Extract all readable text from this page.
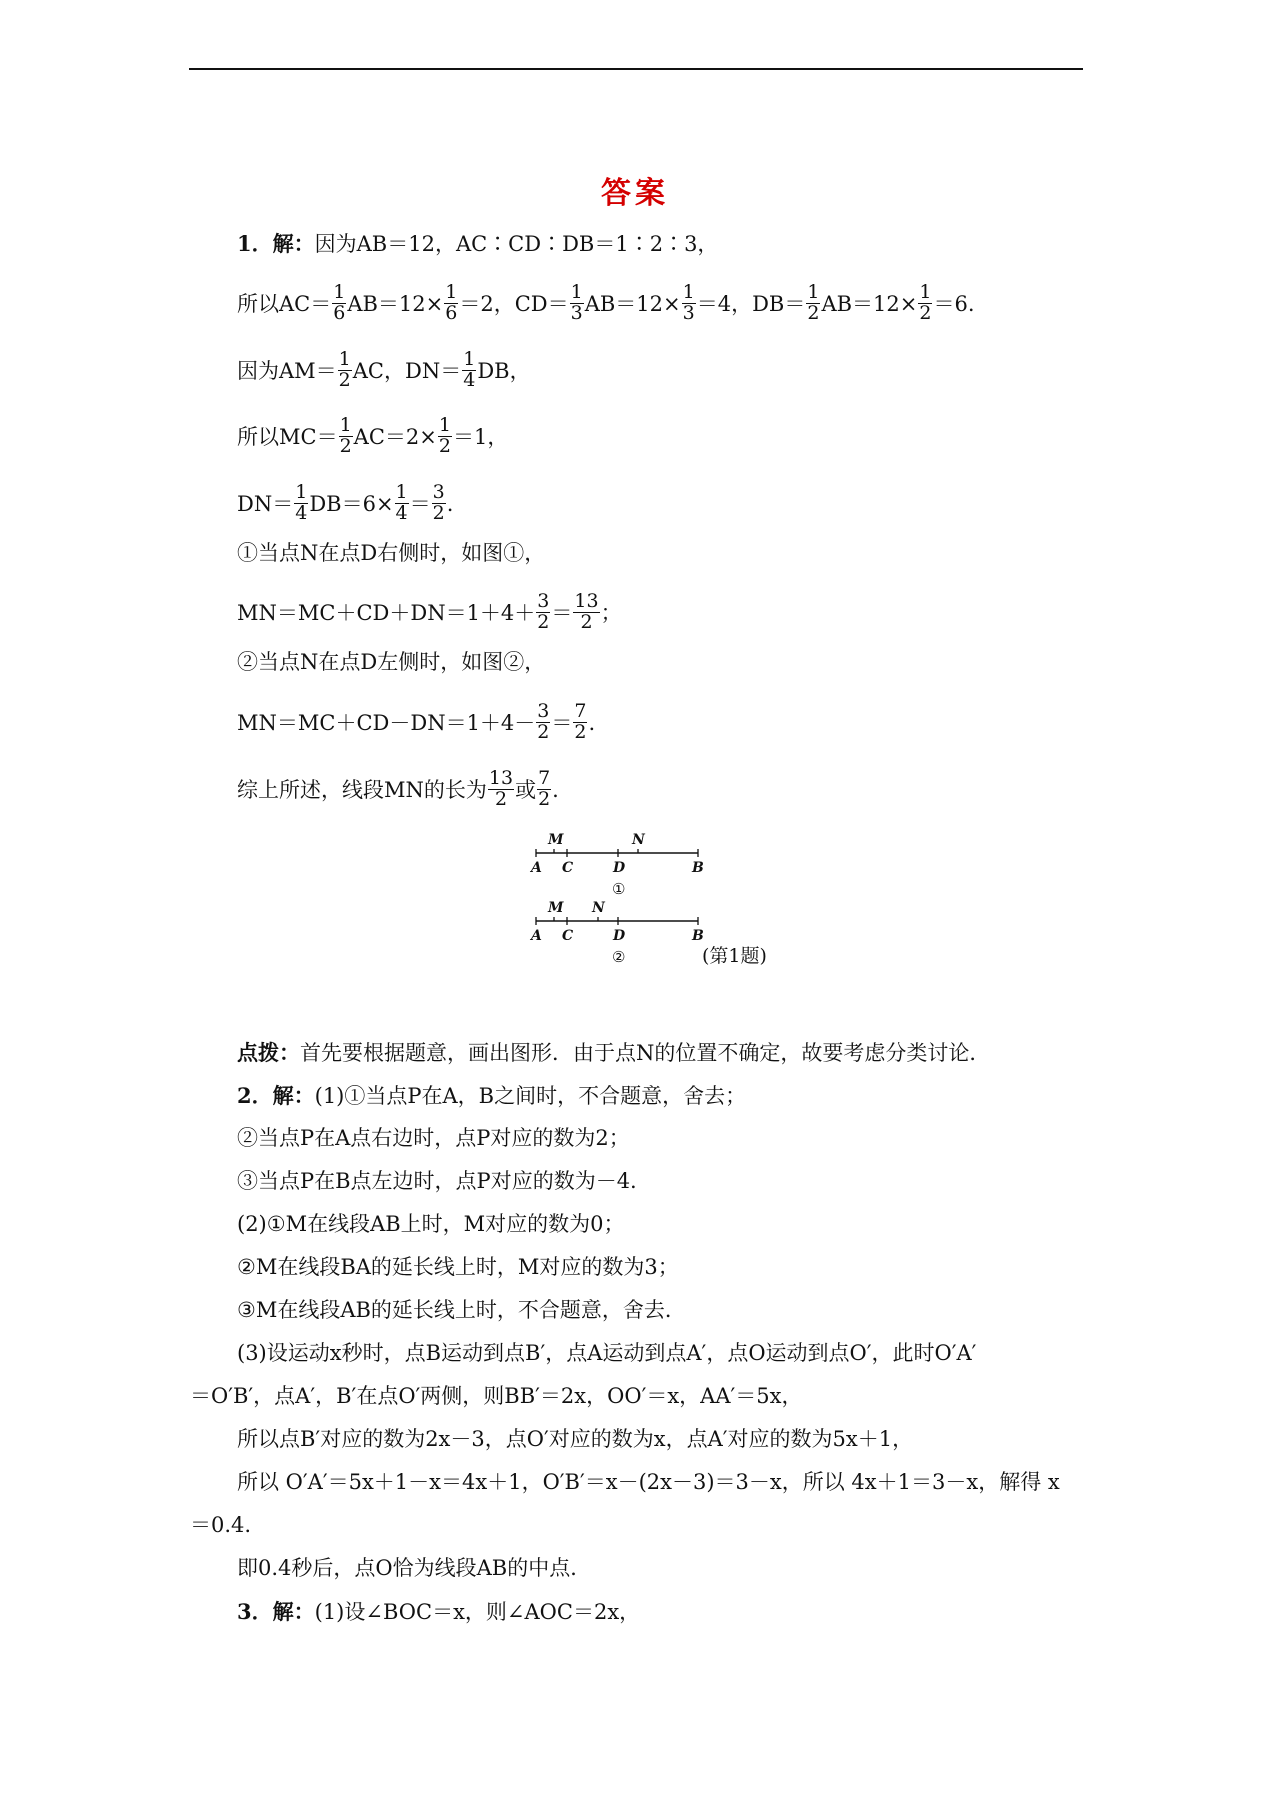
答案
1．解：因为AB＝12，AC∶CD∶DB＝1∶2∶3，
所以$AC= \frac{1}{6} AB=12\times \frac{1}{6} =2$，$CD= \frac{1}{3} AB=12\times \frac{1}{3} =4$，$DB= \frac{1}{2} AB=12\times \frac{1}{2} =6$.
因为$AM= \frac{1}{2}$ AC，$DN= \frac{1}{4}$ DB，
所以$MC= \frac{1}{2} AC=2\times \frac{1}{2} =1$，
$DN= \frac{1}{4} DB=6\times \frac{1}{4} = \frac{3}{2}$ .
①当点N在点D右侧时，如图①，
$MN=MC+CD+DN=1+4+ \frac{3}{2} = \frac{13}{2}$ ；
②当点N在点D左侧时，如图②，
$MN=MC+CD-DN=1+4- \frac{3}{2} = \frac{7}{2}$ .
综上所述，线段MN的长为 $\frac{13}{2}$ 或 $\frac{7}{2}$ .
M	N
A C	D	B
①
M N
A C	D	B
②	(第1题)
点拨：首先要根据题意，画出图形．由于点N的位置不确定，故要考虑分类讨论．
2．解：(1)①当点P在A，B之间时，不合题意，舍去；
②当点P在A点右边时，点P对应的数为2；
③当点P在B点左边时，点P对应的数为－4.
(2)①M在线段AB上时，M对应的数为0；
②M在线段BA的延长线上时，M对应的数为3；
③M在线段AB的延长线上时，不合题意，舍去．
(3)设运动x秒时，点B运动到点B′，点A运动到点A′，点O运动到点O′，此时O′A′
＝O′B′，点A′，B′在点O′两侧，则BB′＝2x，OO′＝x，AA′＝5x，
所以点B′对应的数为2x－3，点O′对应的数为x，点A′对应的数为5x＋1，
所以 O′A′＝5x＋1－x＝4x＋1，O′B′＝x－(2x－3)＝3－x，所以 4x＋1＝3－x，解得 x
＝0.4.
即0.4秒后，点O恰为线段AB的中点．
3．解：(1)设∠BOC＝x，则∠AOC＝2x，
